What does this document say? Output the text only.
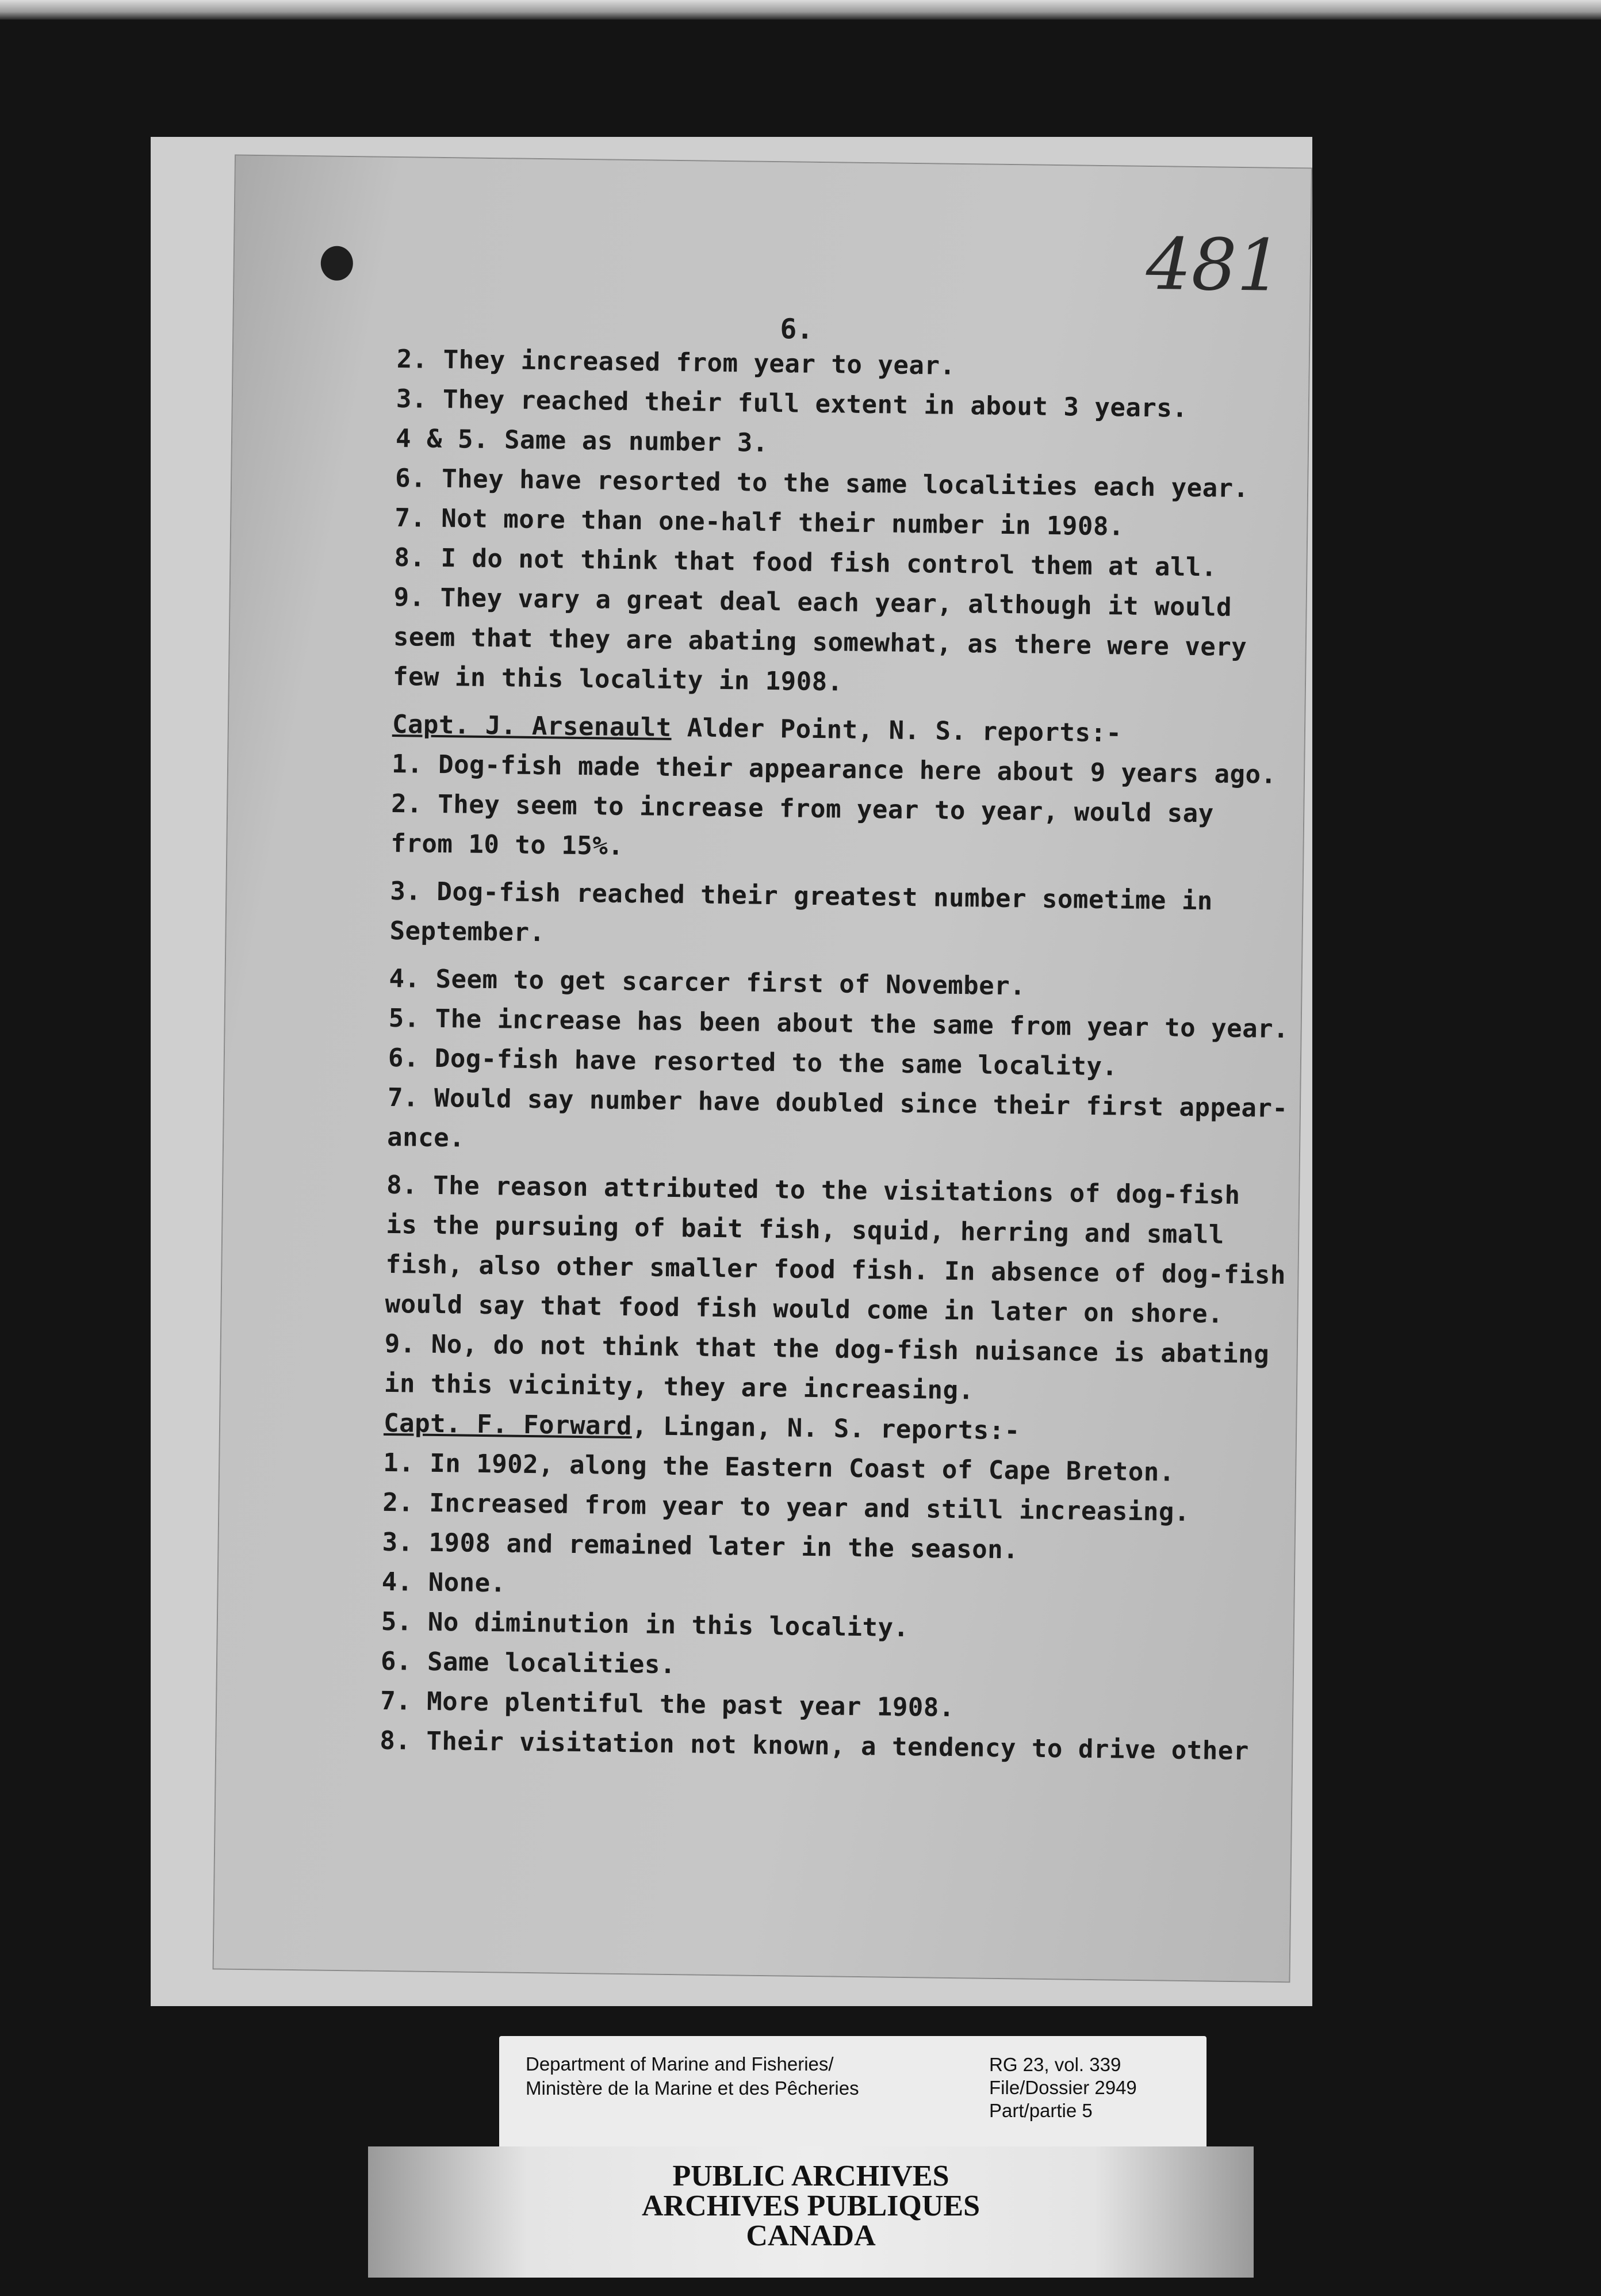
481
6.

2. They increased from year to year.

3. They reached their full extent in about 3 years.

4 & 5. Same as number 3.

6. They have resorted to the same localities each year.

7. Not more than one-half their number in 1908.

8. I do not think that food fish control them at all.

9. They vary a great deal each year, although it would

seem that they are abating somewhat, as there were very

few in this locality in 1908.

Capt. J. Arsenault Alder Point, N. S. reports:-

1. Dog-fish made their appearance here about 9 years ago.

2. They seem to increase from year to year, would say

from 10 to 15%.

3. Dog-fish reached their greatest number sometime in

September.

4. Seem to get scarcer first of November.

5. The increase has been about the same from year to year.

6. Dog-fish have resorted to the same locality.

7. Would say number have doubled since their first appear-

ance.

8. The reason attributed to the visitations of dog-fish

is the pursuing of bait fish, squid, herring and small

fish, also other smaller food fish. In absence of dog-fish

would say that food fish would come in later on shore.

9. No, do not think that the dog-fish nuisance is abating

in this vicinity, they are increasing.

Capt. F. Forward, Lingan, N. S. reports:-

1. In 1902, along the Eastern Coast of Cape Breton.

2. Increased from year to year and still increasing.

3. 1908 and remained later in the season.

4. None.

5. No diminution in this locality.

6. Same localities.

7. More plentiful the past year 1908.

8. Their visitation not known, a tendency to drive other

Department of Marine and Fisheries/
Ministère de la Marine et des Pêcheries
RG 23, vol. 339
File/Dossier 2949
Part/partie 5
PUBLIC ARCHIVES
ARCHIVES PUBLIQUES
CANADA
